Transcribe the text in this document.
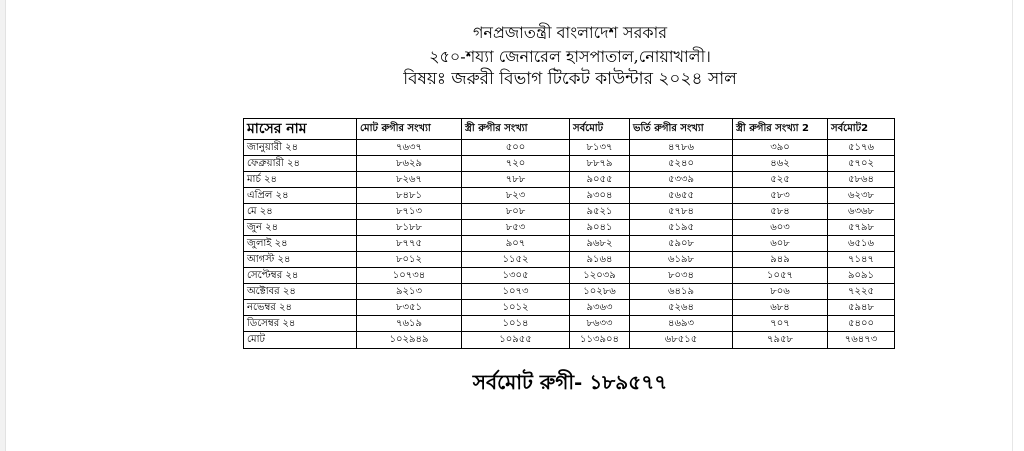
গনপ্রজাতন্ত্রী বাংলাদেশ সরকার
২৫০-শয্যা জেনারেল হাসপাতাল,নোয়াখালী।
বিষয়ঃ জরুরী বিভাগ টিকেট কাউন্টার ২০২৪ সাল
মাসের নাম	মোট রুগীর সংখ্যা	স্ত্রী রুগীর সংখ্যা	সর্বমোট	ভর্তি রুগীর সংখ্যা	স্ত্রী রুগীর সংখ্যা 2	সর্বমোট2
জানুয়ারী ২৪	৭৬৩৭	৫০০	৮১৩৭	৪৭৮৬	৩৯০	৫১৭৬
ফেব্রুয়ারী ২৪	৮৬২৯	৭২০	৮৮৭৯	৫২৪০	৪৬২	৫৭০২
মার্চ ২৪	৮২৬৭	৭৮৮	৯০৫৫	৫৩৩৯	৫২৫	৫৮৬৪
এপ্রিল ২৪	৮৪৮১	৮২৩	৯৩০৪	৫৬৫৫	৫৮৩	৬২৩৮
মে ২৪	৮৭১৩	৮০৮	৯৫২১	৫৭৮৪	৫৮৪	৬৩৬৮
জুন ২৪	৮১৮৮	৮৫৩	৯০৪১	৫১৯৫	৬০৩	৫৭৯৮
জুলাই ২৪	৮৭৭৫	৯০৭	৯৬৮২	৫৯০৮	৬০৮	৬৫১৬
আগস্ট ২৪	৮০১২	১১৫২	৯১৬৪	৬১৯৮	৯৪৯	৭১৪৭
সেপ্টেম্বর ২৪	১০৭৩৪	১৩০৫	১২০৩৯	৮০৩৪	১০৫৭	৯০৯১
অক্টোবর ২৪	৯২১৩	১০৭৩	১০২৮৬	৬৪১৯	৮০৬	৭২২৫
নভেম্বর ২৪	৮৩৫১	১০১২	৯৩৬৩	৫২৬৪	৬৮৪	৫৯৪৮
ডিসেম্বর ২৪	৭৬১৯	১০১৪	৮৬৩৩	৪৬৯৩	৭০৭	৫৪০০
মোট	১০২৯৪৯	১০৯৫৫	১১৩৯০৪	৬৮৫১৫	৭৯৫৮	৭৬৪৭৩
সর্বমোট রুগী- ১৮৯৫৭৭
